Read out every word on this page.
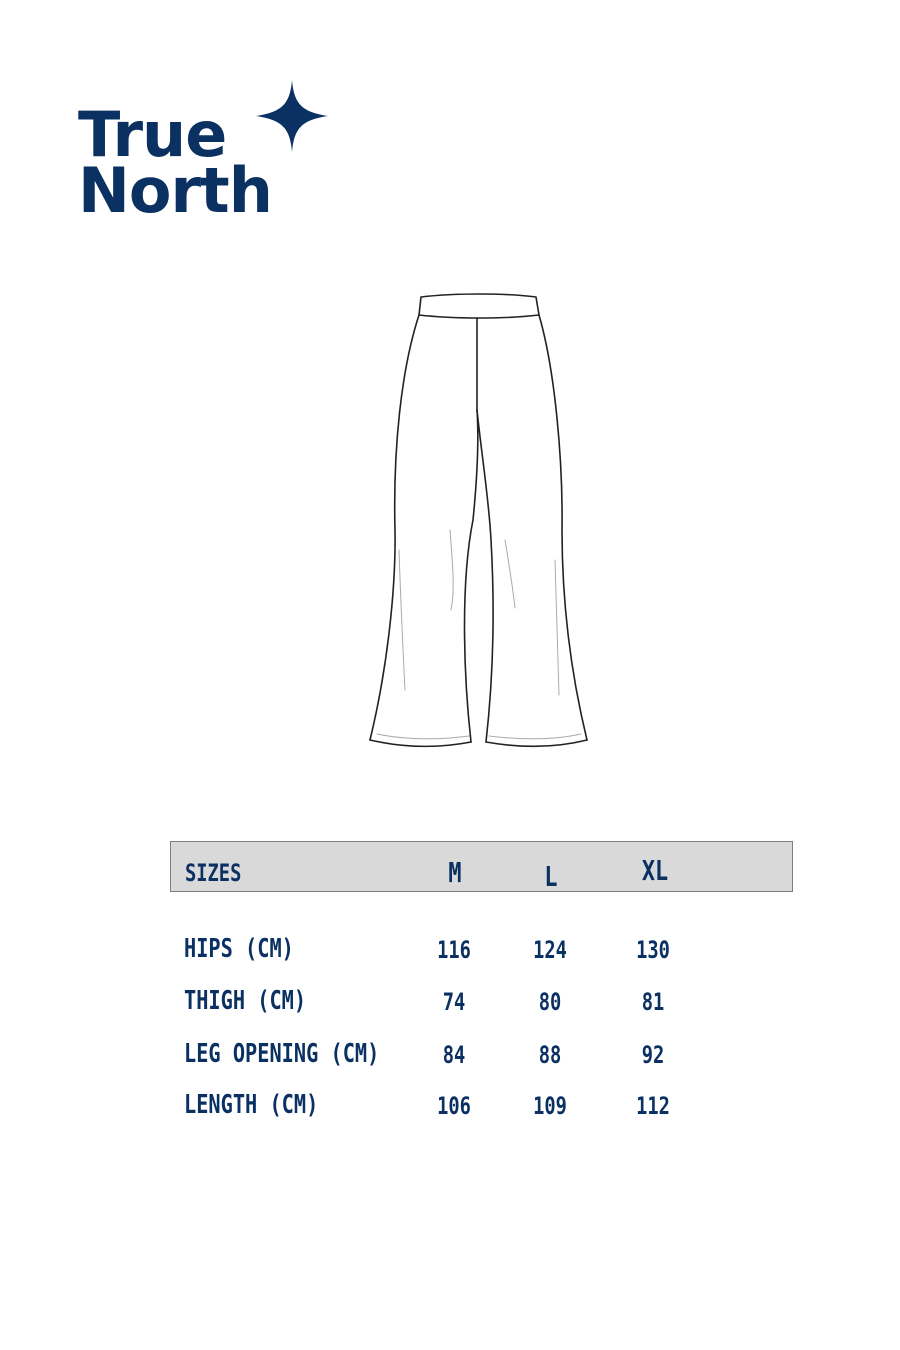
True
North
SIZES	M	L	XL
HIPS (CM)	116	124	130
THIGH (CM)	74	80	81
LEG OPENING (CM)	84	88	92
LENGTH (CM)	106	109	112
